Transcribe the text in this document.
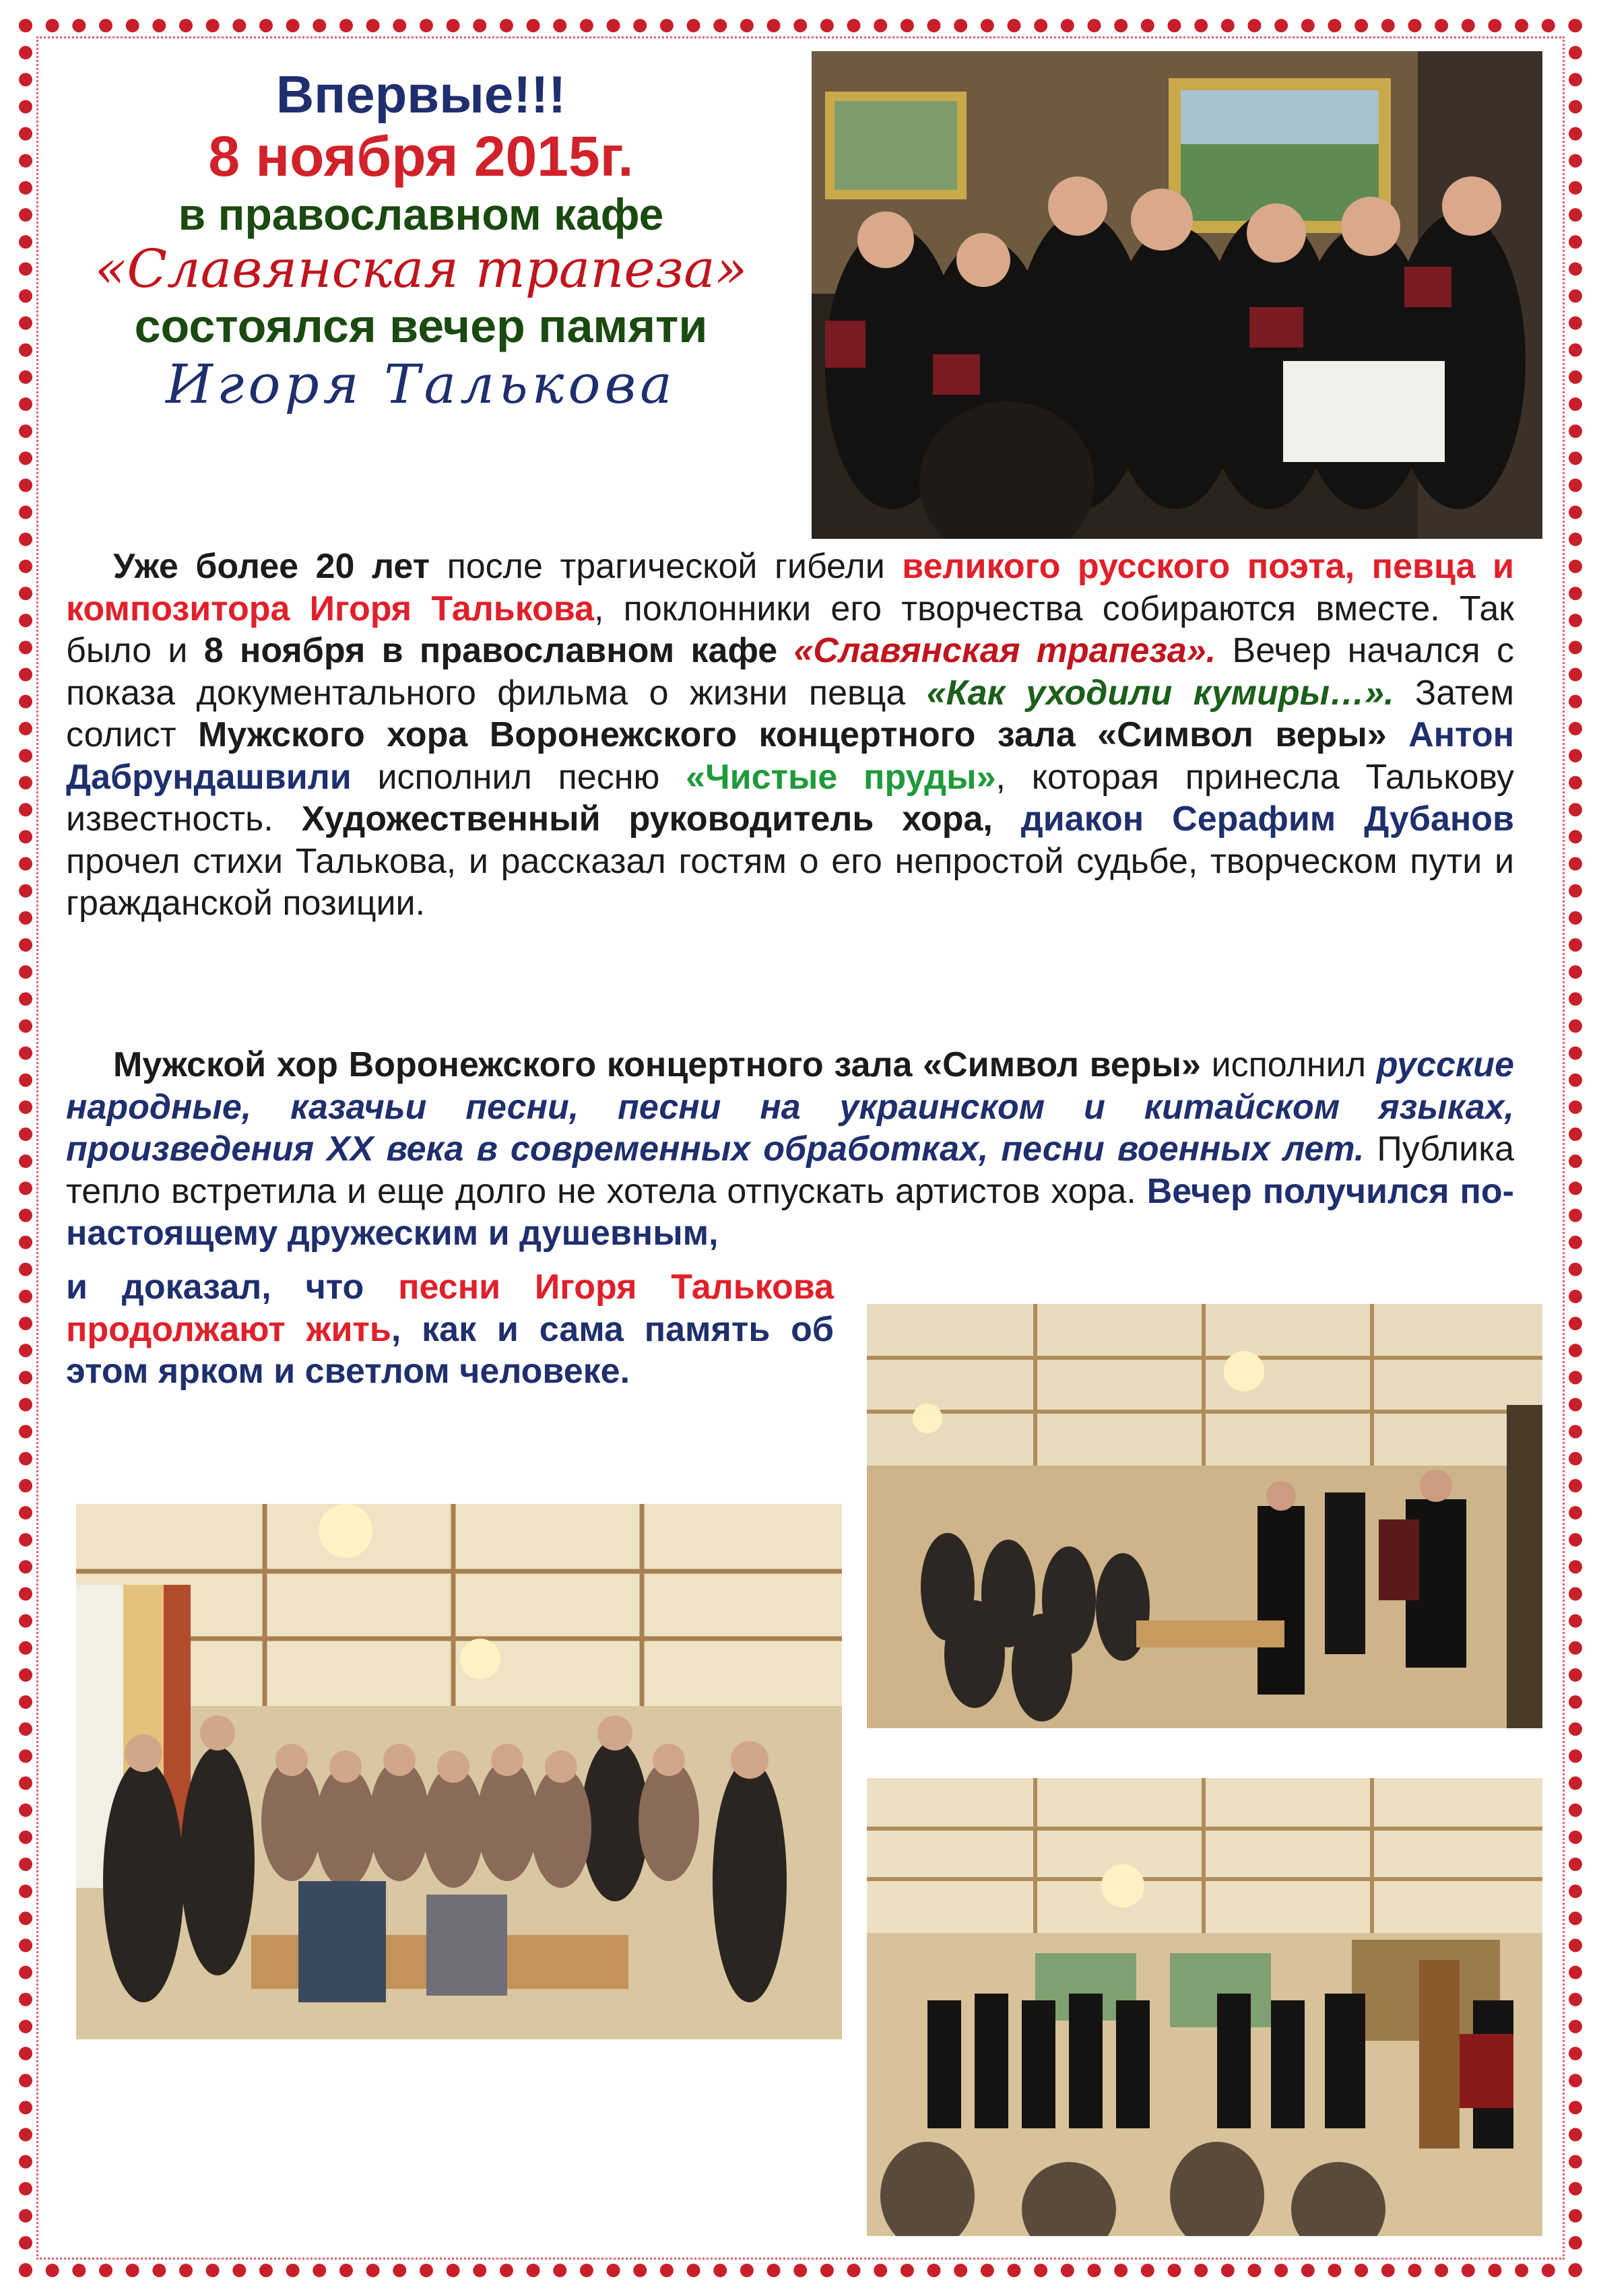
Впервые!!!

8 ноября 2015г.

в православном кафе

«Славянская трапеза»

состоялся вечер памяти

Игоря Талькова

Уже более 20 лет после трагической гибели великого русского поэта, певца и композитора Игоря Талькова, поклонники его творчества собираются вместе. Так было и 8 ноября в православном кафе «Славянская трапеза». Вечер начался с показа документального фильма о жизни певца «Как уходили кумиры…». Затем солист Мужского хора Воронежского концертного зала «Символ веры» Антон Дабрундашвили исполнил песню «Чистые пруды», которая принесла Талькову известность. Художественный руководитель хора, диакон Серафим Дубанов прочел стихи Талькова, и рассказал гостям о его непростой судьбе, творческом пути и гражданской позиции.
Мужской хор Воронежского концертного зала «Символ веры» исполнил русские народные, казачьи песни, песни на украинском и китайском языках, произведения XX века в современных обработках, песни военных лет. Публика тепло встретила и еще долго не хотела отпускать артистов хора. Вечер получился по-настоящему дружеским и душевным,
и доказал, что песни Игоря Талькова продолжают жить, как и сама память об этом ярком и светлом человеке.
